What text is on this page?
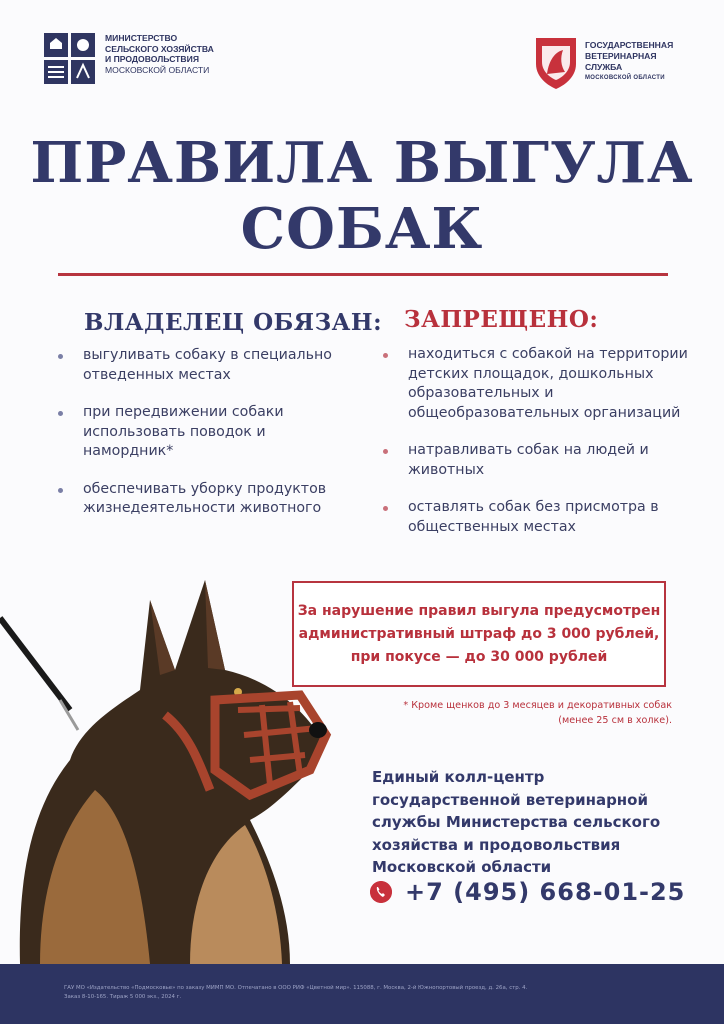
МИНИСТЕРСТВО
СЕЛЬСКОГО ХОЗЯЙСТВА
И ПРОДОВОЛЬСТВИЯ
МОСКОВСКОЙ ОБЛАСТИ
ГОСУДАРСТВЕННАЯ
ВЕТЕРИНАРНАЯ
СЛУЖБА
МОСКОВСКОЙ ОБЛАСТИ
ПРАВИЛА ВЫГУЛА
СОБАК
ВЛАДЕЛЕЦ ОБЯЗАН:
выгуливать собаку в специально отведенных местах
при передвижении собаки использовать поводок и намордник*
обеспечивать уборку продуктов жизнедеятельности животного
ЗАПРЕЩЕНО:
находиться с собакой на территории детских площадок, дошкольных образовательных и общеобразовательных организаций
натравливать собак на людей и животных
оставлять собак без присмотра в общественных местах
За нарушение правил выгула предусмотрен
административный штраф до 3 000 рублей,
при покусе — до 30 000 рублей
* Кроме щенков до 3 месяцев и декоративных собак
(менее 25 см в холке).
Единый колл-центр
государственной ветеринарной
службы Министерства сельского
хозяйства и продовольствия
Московской области
+7 (495) 668-01-25
ГАУ МО «Издательство «Подмосковье» по заказу МИМП МО. Отпечатано в ООО РИФ «Цветной мир». 115088, г. Москва, 2-й Южнопортовый проезд, д. 26а, стр. 4.
Заказ 8-10-165. Тираж 5 000 экз., 2024 г.
